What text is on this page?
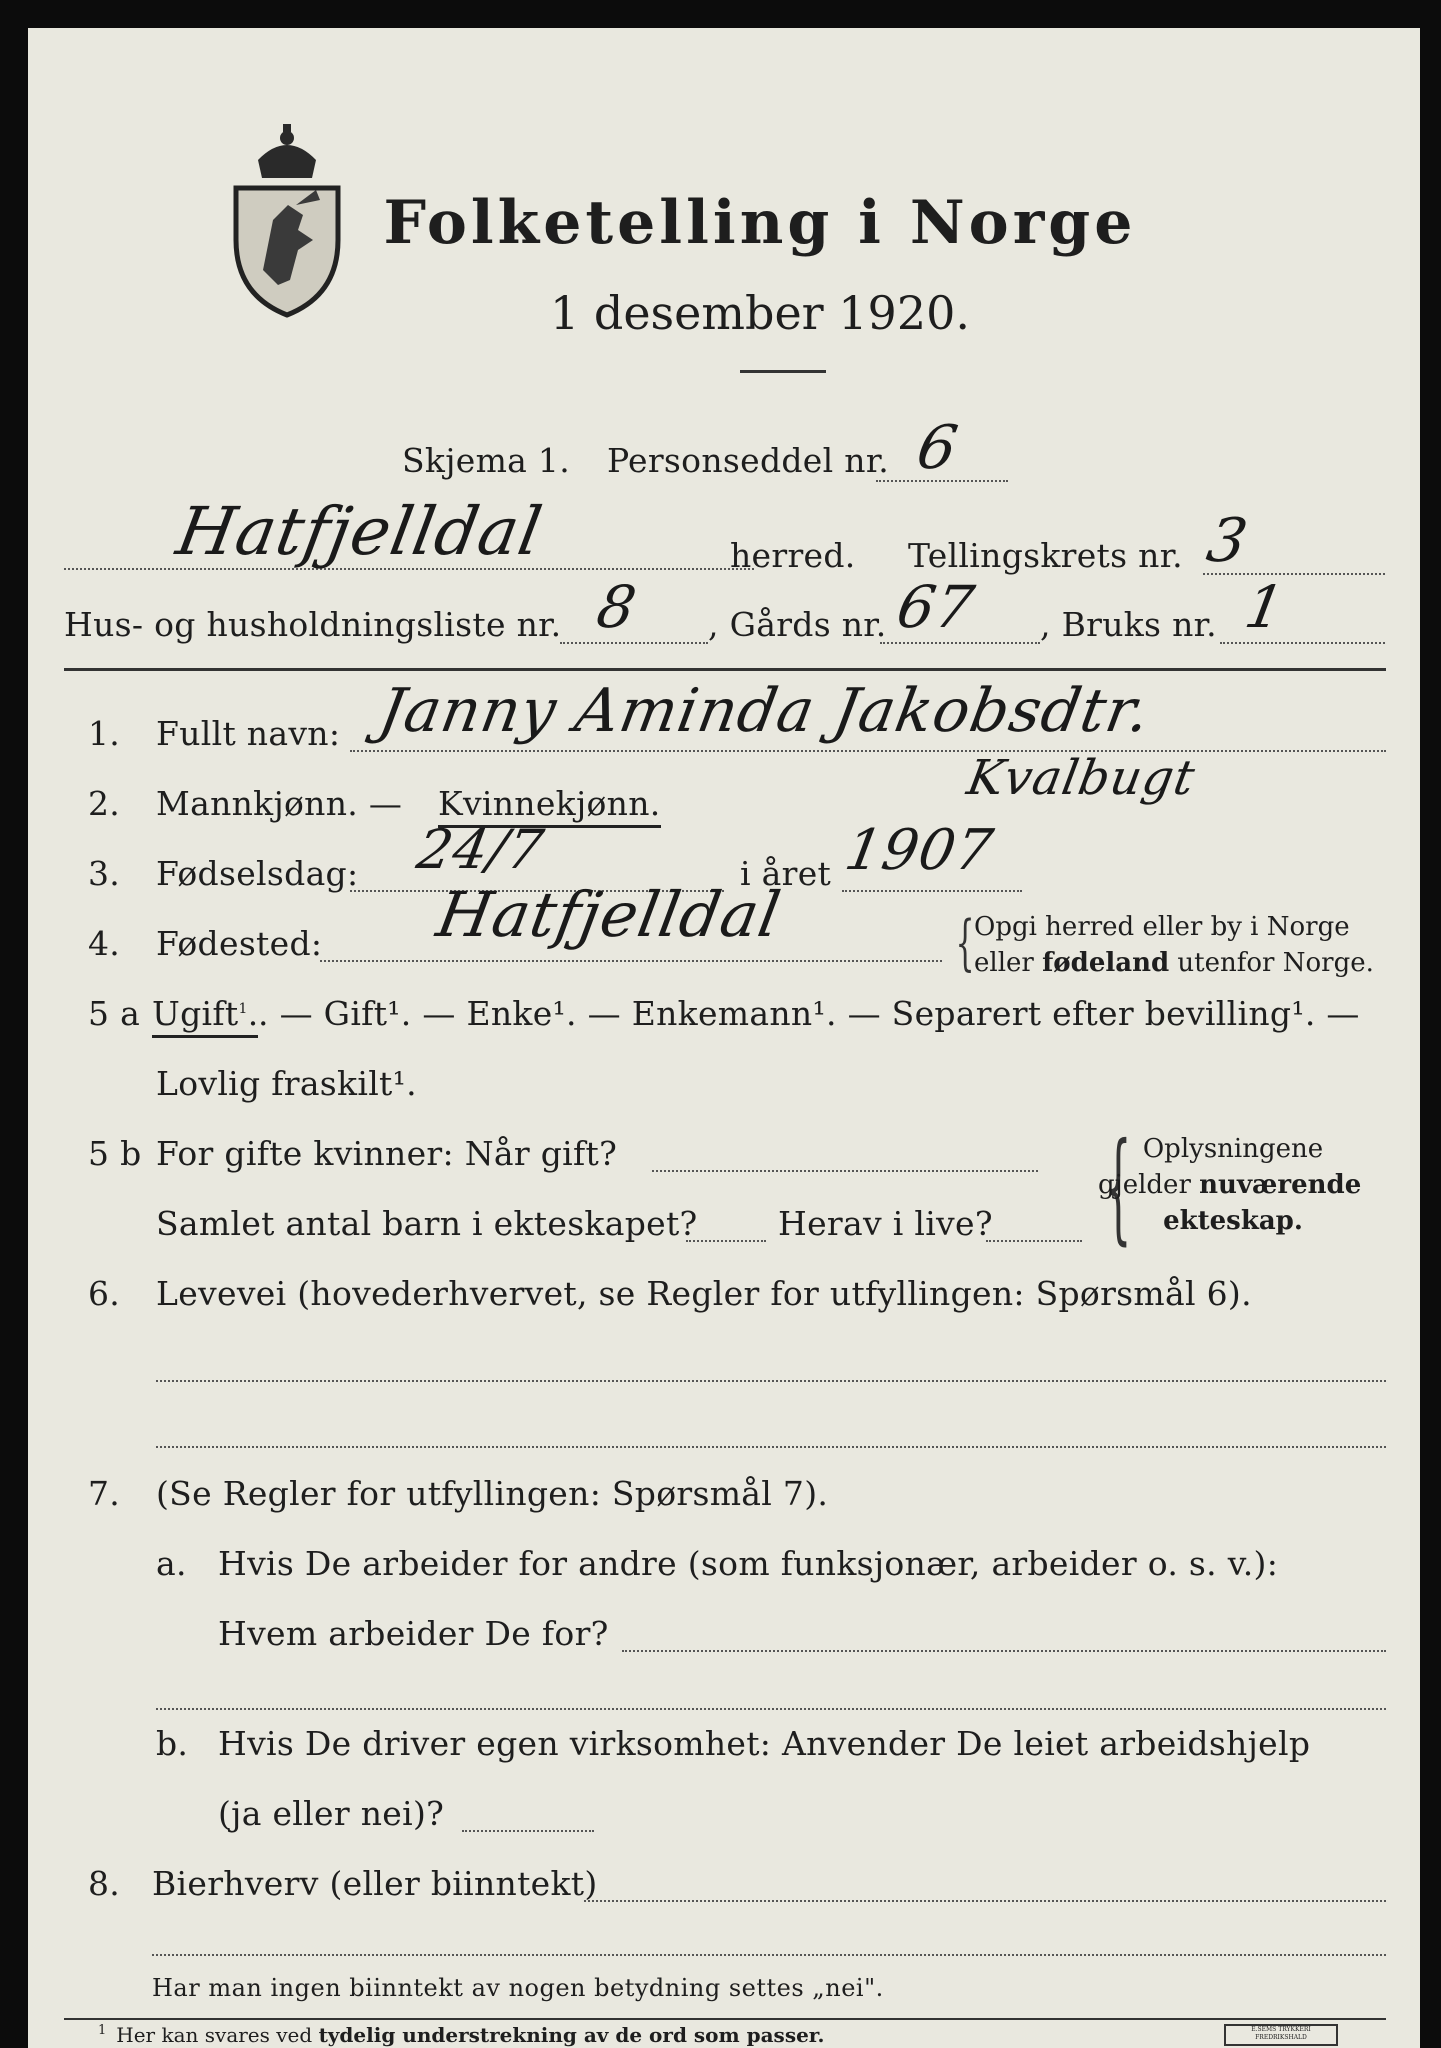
Folketelling i Norge
1 desember 1920.
Skjema 1. Personseddel nr. 6
Hatfjelldal	herred. Tellingskrets nr. 3
Hus- og husholdningsliste nr. 8 , Gårds nr. 67 , Bruks nr. 1
1. Fullt navn: Janny Aminda Jakobsdtr.
Kvalbugt
2. Mannkjønn. — Kvinnekjønn.
3. Fødselsdag: 24/7	i året 1907
4. Fødested: Hatfjelldal	{ Opgi herred eller by i Norge
eller fødeland utenfor Norge.
5 a Ugift$^1$. . — Gift¹. — Enke¹. — Enkemann¹. — Separert efter bevilling¹. —
Lovlig fraskilt¹.
5 b For gifte kvinner: Når gift?
Samlet antal barn i ekteskapet? Herav i live? { Oplysningene
gjelder nuværende
ekteskap.
6. Levevei (hovederhvervet, se Regler for utfyllingen: Spørsmål 6).
7. (Se Regler for utfyllingen: Spørsmål 7).
a. Hvis De arbeider for andre (som funksjonær, arbeider o. s. v.):
Hvem arbeider De for?
b. Hvis De driver egen virksomhet: Anvender De leiet arbeidshjelp
(ja eller nei)?
8. Bierhverv (eller biinntekt)
Har man ingen biinntekt av nogen betydning settes „nei".
$^1$ Her kan svares ved tydelig understrekning av de ord som passer.	E.SEMS TRYKKERI FREDRIKSHALD
